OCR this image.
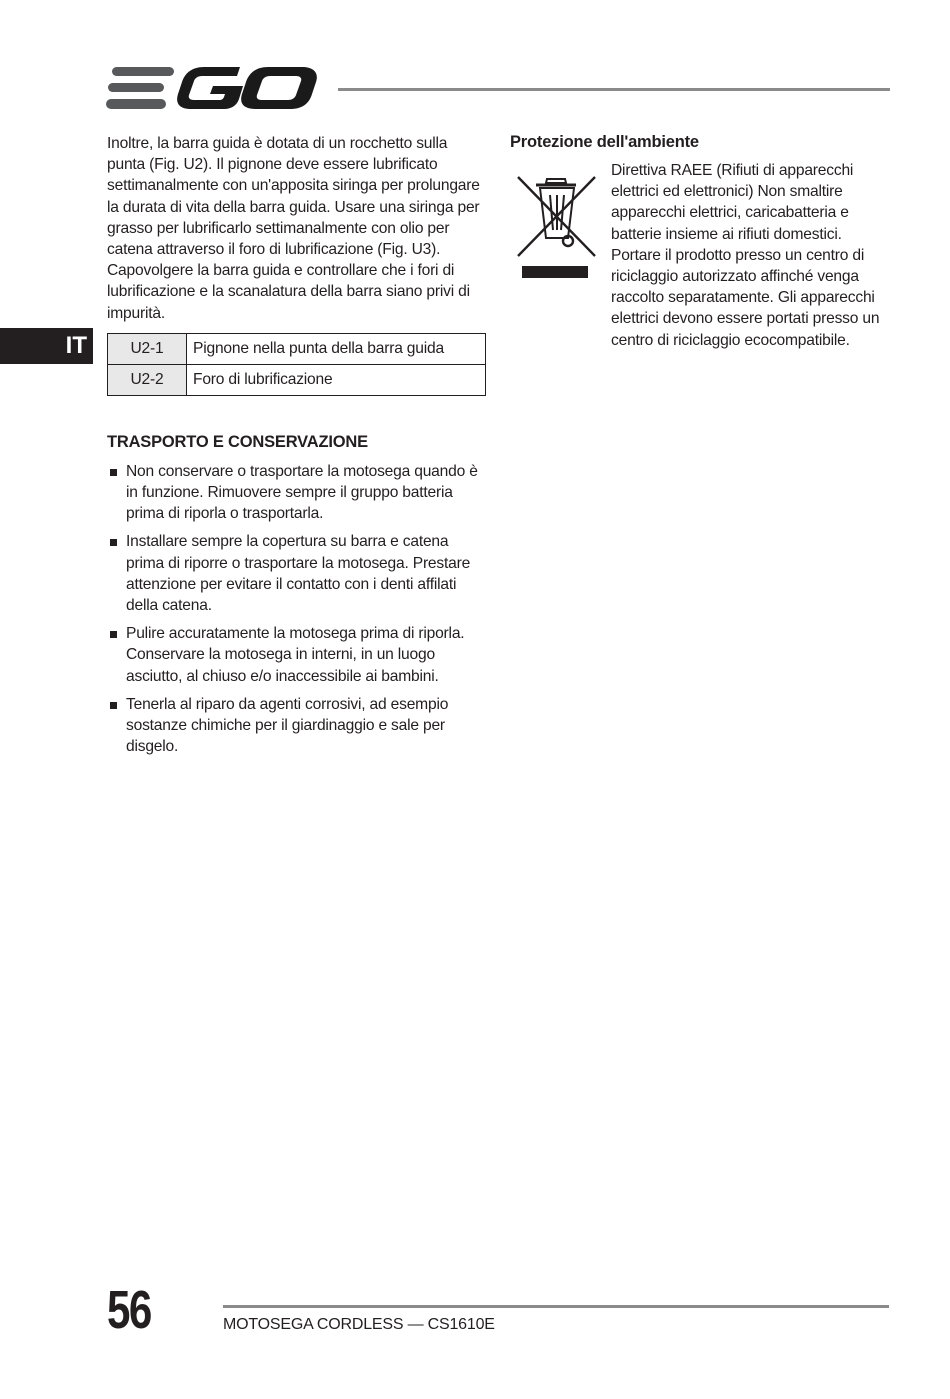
IT

Inoltre, la barra guida è dotata di un rocchetto sulla punta (Fig. U2). Il pignone deve essere lubrificato settimanalmente con un'apposita siringa per prolungare la durata di vita della barra guida. Usare una siringa per grasso per lubrificarlo settimanalmente con olio per catena attraverso il foro di lubrificazione (Fig. U3). Capovolgere la barra guida e controllare che i fori di lubrificazione e la scanalatura della barra siano privi di impurità.

U2-1	Pignone nella punta della barra guida
U2-2	Foro di lubrificazione
TRASPORTO E CONSERVAZIONE
Non conservare o trasportare la motosega quando è in funzione. Rimuovere sempre il gruppo batteria prima di riporla o trasportarla.
Installare sempre la copertura su barra e catena prima di riporre o trasportare la motosega. Prestare attenzione per evitare il contatto con i denti affilati della catena.
Pulire accuratamente la motosega prima di riporla. Conservare la motosega in interni, in un luogo asciutto, al chiuso e/o inaccessibile ai bambini.
Tenerla al riparo da agenti corrosivi, ad esempio sostanze chimiche per il giardinaggio e sale per disgelo.
Protezione dell'ambiente

Direttiva RAEE (Rifiuti di apparecchi elettrici ed elettronici) Non smaltire apparecchi elettrici, caricabatteria e batterie insieme ai rifiuti domestici. Portare il prodotto presso un centro di riciclaggio autorizzato affinché venga raccolto separatamente. Gli apparecchi elettrici devono essere portati presso un centro di riciclaggio ecocompatibile.

56	MOTOSEGA CORDLESS — CS1610E
